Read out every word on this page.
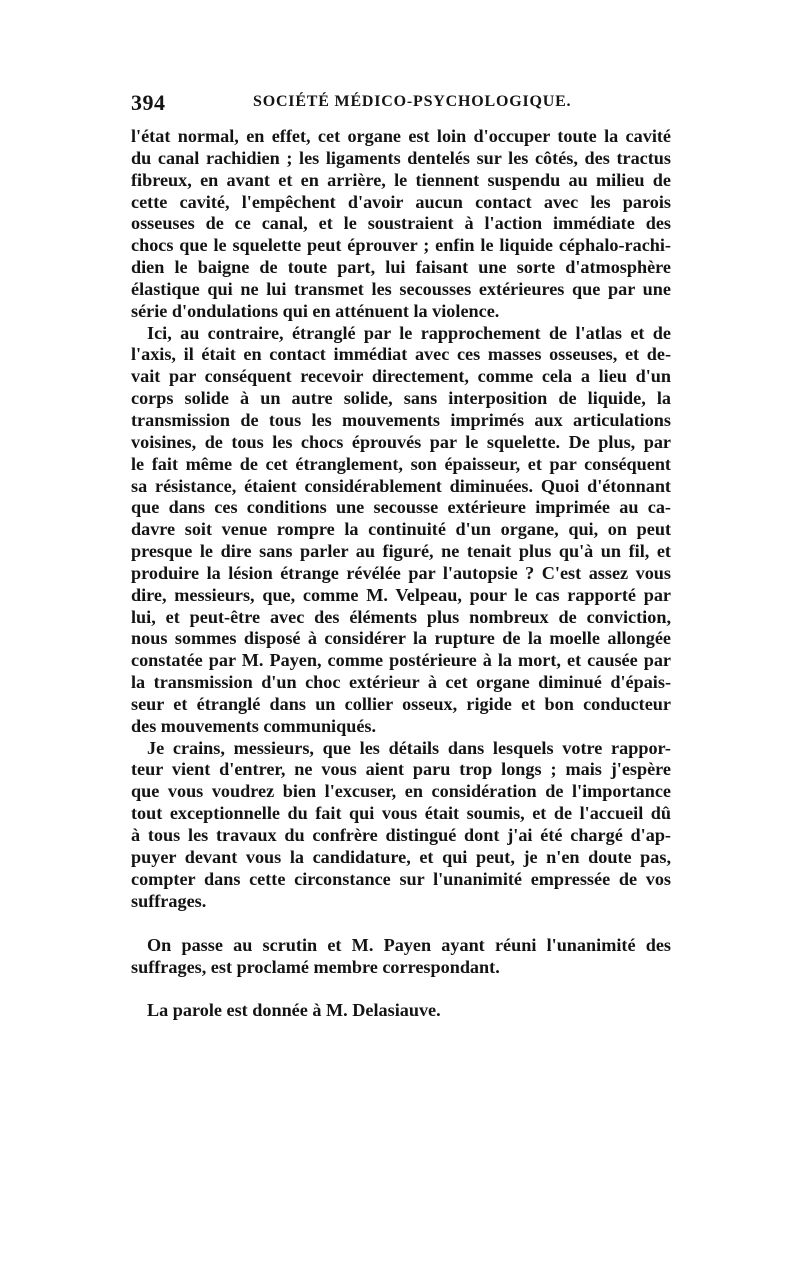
394	SOCIÉTÉ MÉDICO-PSYCHOLOGIQUE.
l'état normal, en effet, cet organe est loin d'occuper toute la cavité
du canal rachidien ; les ligaments dentelés sur les côtés, des tractus
fibreux, en avant et en arrière, le tiennent suspendu au milieu de
cette cavité, l'empêchent d'avoir aucun contact avec les parois
osseuses de ce canal, et le soustraient à l'action immédiate des
chocs que le squelette peut éprouver ; enfin le liquide céphalo-rachi-
dien le baigne de toute part, lui faisant une sorte d'atmosphère
élastique qui ne lui transmet les secousses extérieures que par une
série d'ondulations qui en atténuent la violence.
Ici, au contraire, étranglé par le rapprochement de l'atlas et de
l'axis, il était en contact immédiat avec ces masses osseuses, et de-
vait par conséquent recevoir directement, comme cela a lieu d'un
corps solide à un autre solide, sans interposition de liquide, la
transmission de tous les mouvements imprimés aux articulations
voisines, de tous les chocs éprouvés par le squelette. De plus, par
le fait même de cet étranglement, son épaisseur, et par conséquent
sa résistance, étaient considérablement diminuées. Quoi d'étonnant
que dans ces conditions une secousse extérieure imprimée au ca-
davre soit venue rompre la continuité d'un organe, qui, on peut
presque le dire sans parler au figuré, ne tenait plus qu'à un fil, et
produire la lésion étrange révélée par l'autopsie ? C'est assez vous
dire, messieurs, que, comme M. Velpeau, pour le cas rapporté par
lui, et peut-être avec des éléments plus nombreux de conviction,
nous sommes disposé à considérer la rupture de la moelle allongée
constatée par M. Payen, comme postérieure à la mort, et causée par
la transmission d'un choc extérieur à cet organe diminué d'épais-
seur et étranglé dans un collier osseux, rigide et bon conducteur
des mouvements communiqués.
Je crains, messieurs, que les détails dans lesquels votre rappor-
teur vient d'entrer, ne vous aient paru trop longs ; mais j'espère
que vous voudrez bien l'excuser, en considération de l'importance
tout exceptionnelle du fait qui vous était soumis, et de l'accueil dû
à tous les travaux du confrère distingué dont j'ai été chargé d'ap-
puyer devant vous la candidature, et qui peut, je n'en doute pas,
compter dans cette circonstance sur l'unanimité empressée de vos
suffrages.
On passe au scrutin et M. Payen ayant réuni l'unanimité des
suffrages, est proclamé membre correspondant.
La parole est donnée à M. Delasiauve.
